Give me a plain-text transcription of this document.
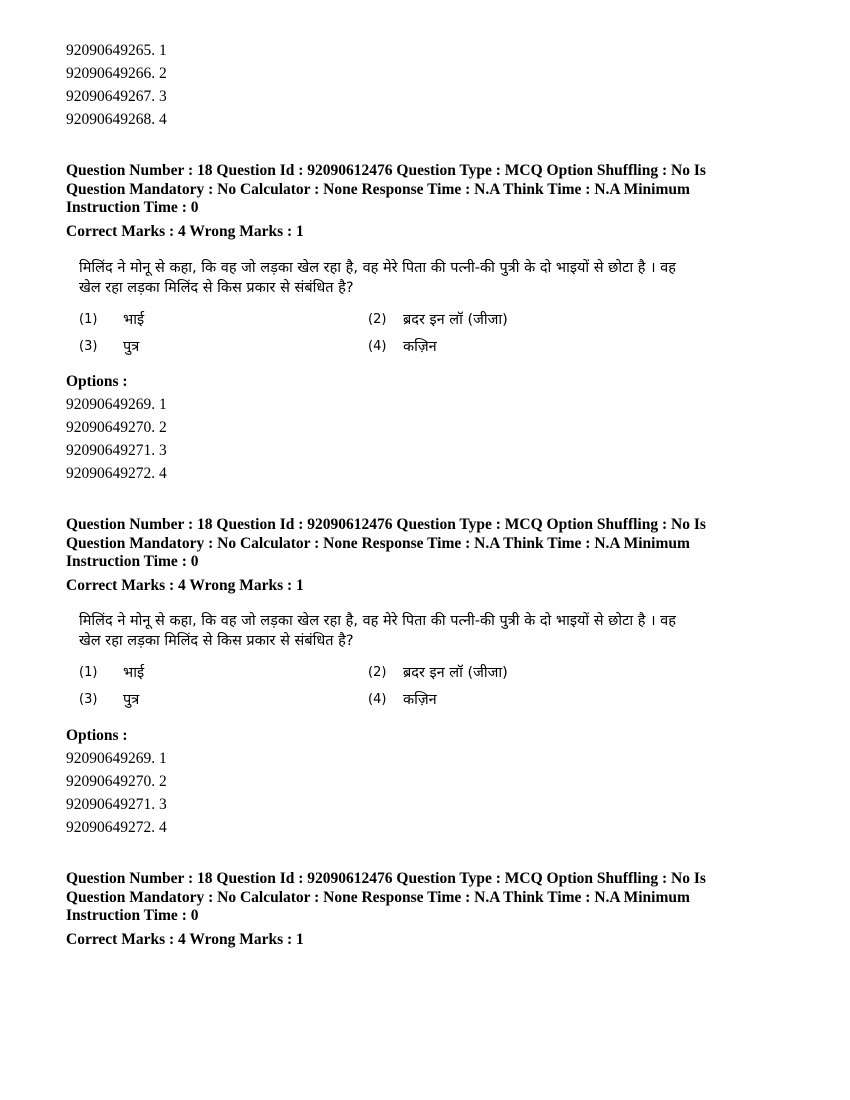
92090649265. 1
92090649266. 2
92090649267. 3
92090649268. 4
Question Number : 18 Question Id : 92090612476 Question Type : MCQ Option Shuffling : No Is Question Mandatory : No Calculator : None Response Time : N.A Think Time : N.A Minimum Instruction Time : 0
Correct Marks : 4 Wrong Marks : 1
मिलिंद ने मोनू से कहा, कि वह जो लड़का खेल रहा है, वह मेरे पिता की पत्नी-की पुत्री के दो भाइयों से छोटा है । वह खेल रहा लड़का मिलिंद से किस प्रकार से संबंधित है?
(1) भाई	(2) ब्रदर इन लॉ (जीजा)
(3) पुत्र	(4) कज़िन
Options :
92090649269. 1
92090649270. 2
92090649271. 3
92090649272. 4
Question Number : 18 Question Id : 92090612476 Question Type : MCQ Option Shuffling : No Is Question Mandatory : No Calculator : None Response Time : N.A Think Time : N.A Minimum Instruction Time : 0
Correct Marks : 4 Wrong Marks : 1
मिलिंद ने मोनू से कहा, कि वह जो लड़का खेल रहा है, वह मेरे पिता की पत्नी-की पुत्री के दो भाइयों से छोटा है । वह खेल रहा लड़का मिलिंद से किस प्रकार से संबंधित है?
(1) भाई	(2) ब्रदर इन लॉ (जीजा)
(3) पुत्र	(4) कज़िन
Options :
92090649269. 1
92090649270. 2
92090649271. 3
92090649272. 4
Question Number : 18 Question Id : 92090612476 Question Type : MCQ Option Shuffling : No Is Question Mandatory : No Calculator : None Response Time : N.A Think Time : N.A Minimum Instruction Time : 0
Correct Marks : 4 Wrong Marks : 1
